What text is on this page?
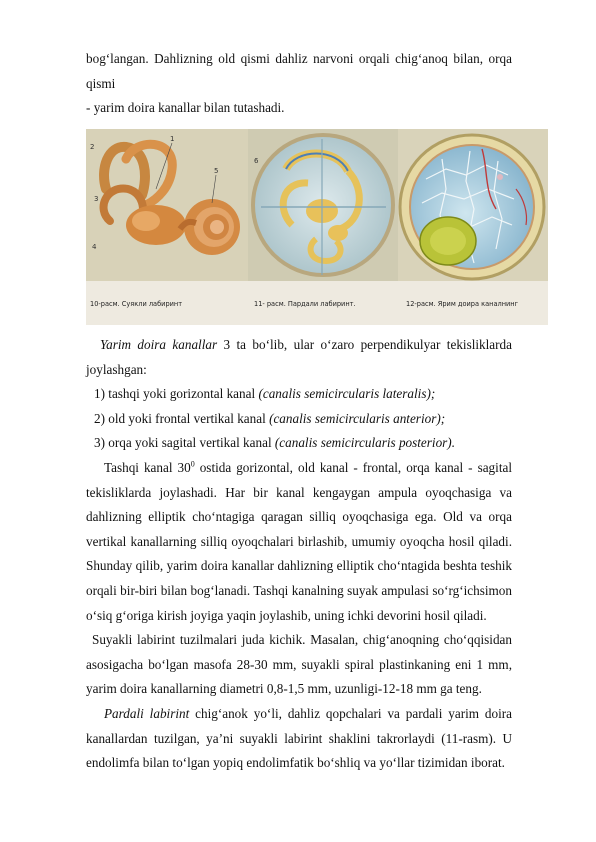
bog‘langan. Dahlizning old qismi dahliz narvoni orqali chig‘anoq bilan, orqa qismi
- yarim doira kanallar bilan tutashadi.
2
3
4
5
1
6

10-расм. Суякли лабиринт

	11- расм. Пардали лабиринт.

	12-расм. Ярим доира каналнинг

Yarim doira kanallar 3 ta bo‘lib, ular o‘zaro perpendikulyar tekisliklarda joylashgan:
1) tashqi yoki gorizontal kanal (canalis semicircularis lateralis);
2) old yoki frontal vertikal kanal (canalis semicircularis anterior);
3) orqa yoki sagital vertikal kanal (canalis semicircularis posterior).
Tashqi kanal $30^0$ ostida gorizontal, old kanal - frontal, orqa kanal - sagital tekisliklarda joylashadi. Har bir kanal kengaygan ampula oyoqchasiga va dahlizning elliptik cho‘ntagiga qaragan silliq oyoqchasiga ega. Old va orqa vertikal kanallarning silliq oyoqchalari birlashib, umumiy oyoqcha hosil qiladi. Shunday qilib, yarim doira kanallar dahlizning elliptik cho‘ntagida beshta teshik orqali bir-biri bilan bog‘lanadi. Tashqi kanalning suyak ampulasi so‘rg‘ichsimon o‘siq g‘origa kirish joyiga yaqin joylashib, uning ichki devorini hosil qiladi.
Suyakli labirint tuzilmalari juda kichik. Masalan, chig‘anoqning cho‘qqisidan asosigacha bo‘lgan masofa 28-30 mm, suyakli spiral plastinkaning eni 1 mm, yarim doira kanallarning diametri 0,8-1,5 mm, uzunligi-12-18 mm ga teng.
Pardali labirint chig‘anok yo‘li, dahliz qopchalari va pardali yarim doira kanallardan tuzilgan, ya’ni suyakli labirint shaklini takrorlaydi (11-rasm). U endolimfa bilan to‘lgan yopiq endolimfatik bo‘shliq va yo‘llar tizimidan iborat.
